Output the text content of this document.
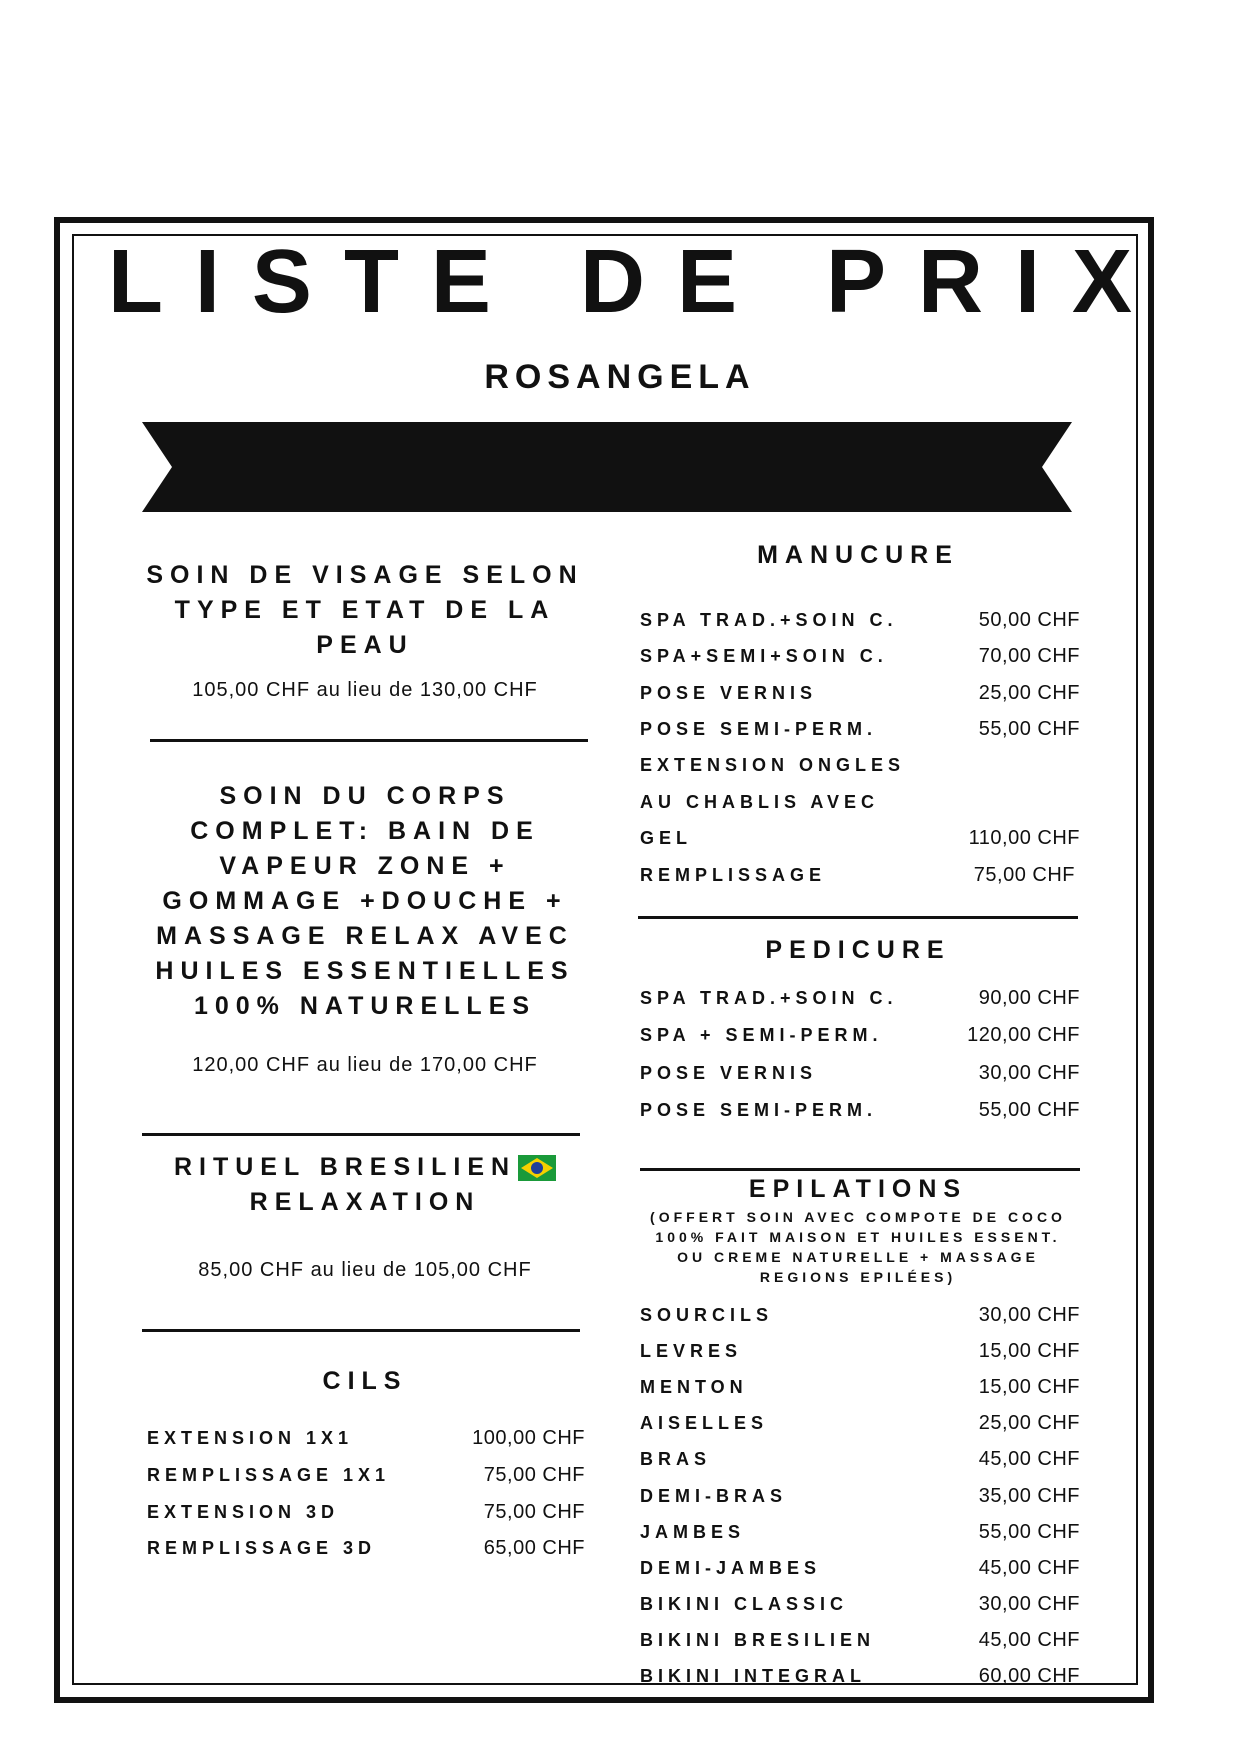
LISTE DE PRIX
ROSANGELA
SOIN DE VISAGE SELON
TYPE ET ETAT DE LA
PEAU
105,00 CHF au lieu de 130,00 CHF
SOIN DU CORPS
COMPLET: BAIN DE
VAPEUR ZONE +
GOMMAGE +DOUCHE +
MASSAGE RELAX AVEC
HUILES ESSENTIELLES
100% NATURELLES
120,00 CHF au lieu de 170,00 CHF
RITUEL BRESILIEN
RELAXATION
85,00 CHF au lieu de 105,00 CHF
CILS
EXTENSION 1X1	100,00 CHF
REMPLISSAGE 1X1	75,00 CHF
EXTENSION 3D	75,00 CHF
REMPLISSAGE 3D	65,00 CHF
MANUCURE
SPA TRAD.+SOIN C.	50,00 CHF
SPA+SEMI+SOIN C.	70,00 CHF
POSE VERNIS	25,00 CHF
POSE SEMI-PERM.	55,00 CHF
EXTENSION ONGLES
AU CHABLIS AVEC
GEL	110,00 CHF
REMPLISSAGE	75,00 CHF
PEDICURE
SPA TRAD.+SOIN C.	90,00 CHF
SPA + SEMI-PERM.	120,00 CHF
POSE VERNIS	30,00 CHF
POSE SEMI-PERM.	55,00 CHF
EPILATIONS
(OFFERT SOIN AVEC COMPOTE DE COCO
100% FAIT MAISON ET HUILES ESSENT.
OU CREME NATURELLE + MASSAGE
REGIONS EPILÉES)
SOURCILS	30,00 CHF
LEVRES	15,00 CHF
MENTON	15,00 CHF
AISELLES	25,00 CHF
BRAS	45,00 CHF
DEMI-BRAS	35,00 CHF
JAMBES	55,00 CHF
DEMI-JAMBES	45,00 CHF
BIKINI CLASSIC	30,00 CHF
BIKINI BRESILIEN	45,00 CHF
BIKINI INTEGRAL	60,00 CHF
